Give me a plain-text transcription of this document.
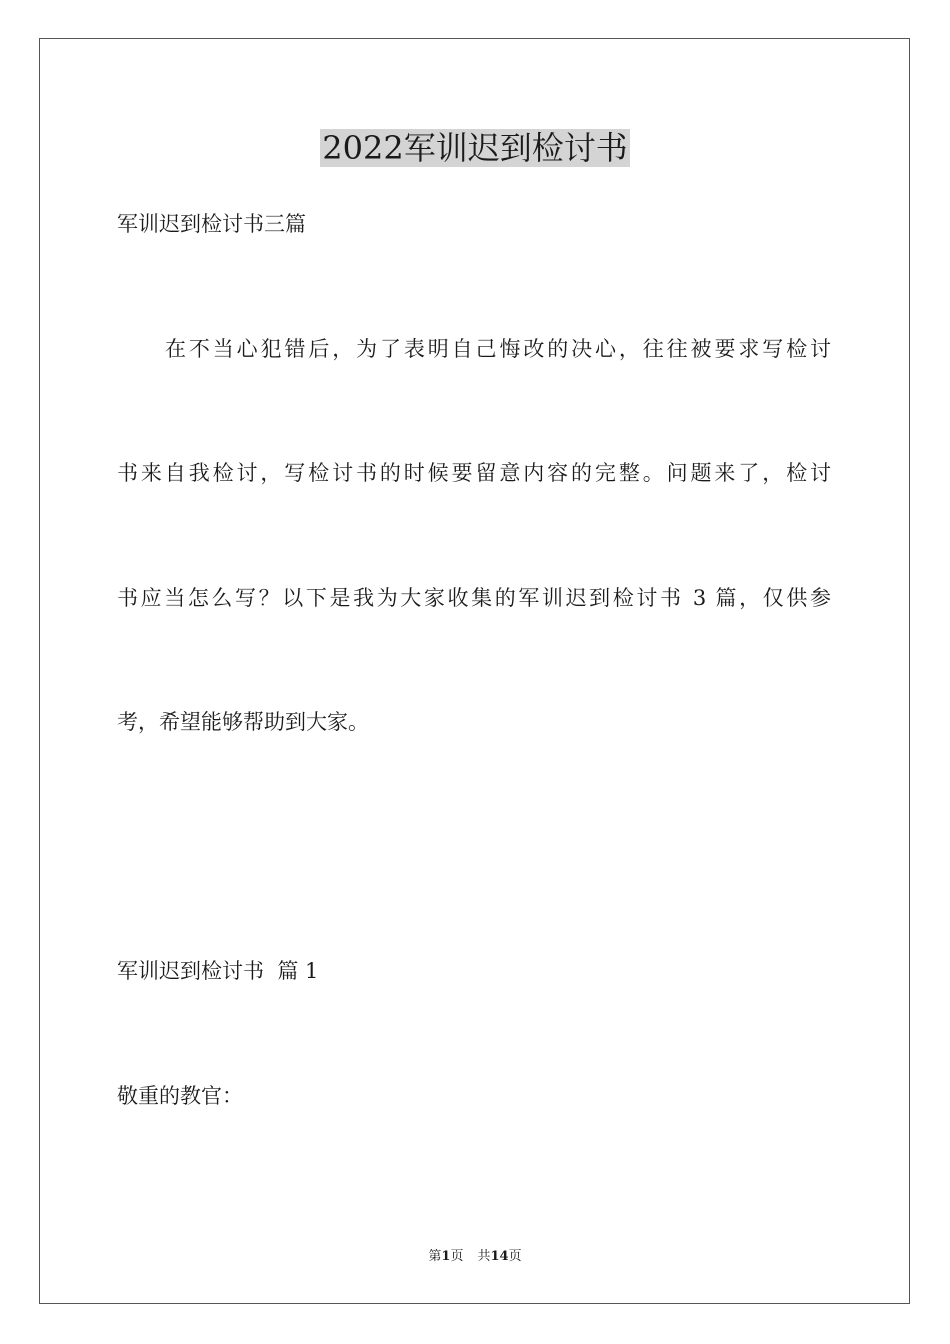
2022军训迟到检讨书
军训迟到检讨书三篇
在不当心犯错后，为了表明自己悔改的决心，往往被要求写检讨
书来自我检讨，写检讨书的时候要留意内容的完整。问题来了，检讨
书应当怎么写？以下是我为大家收集的军训迟到检讨书 3 篇，仅供参
考，希望能够帮助到大家。
军训迟到检讨书  篇 1
敬重的教官：
第1页 共14页
